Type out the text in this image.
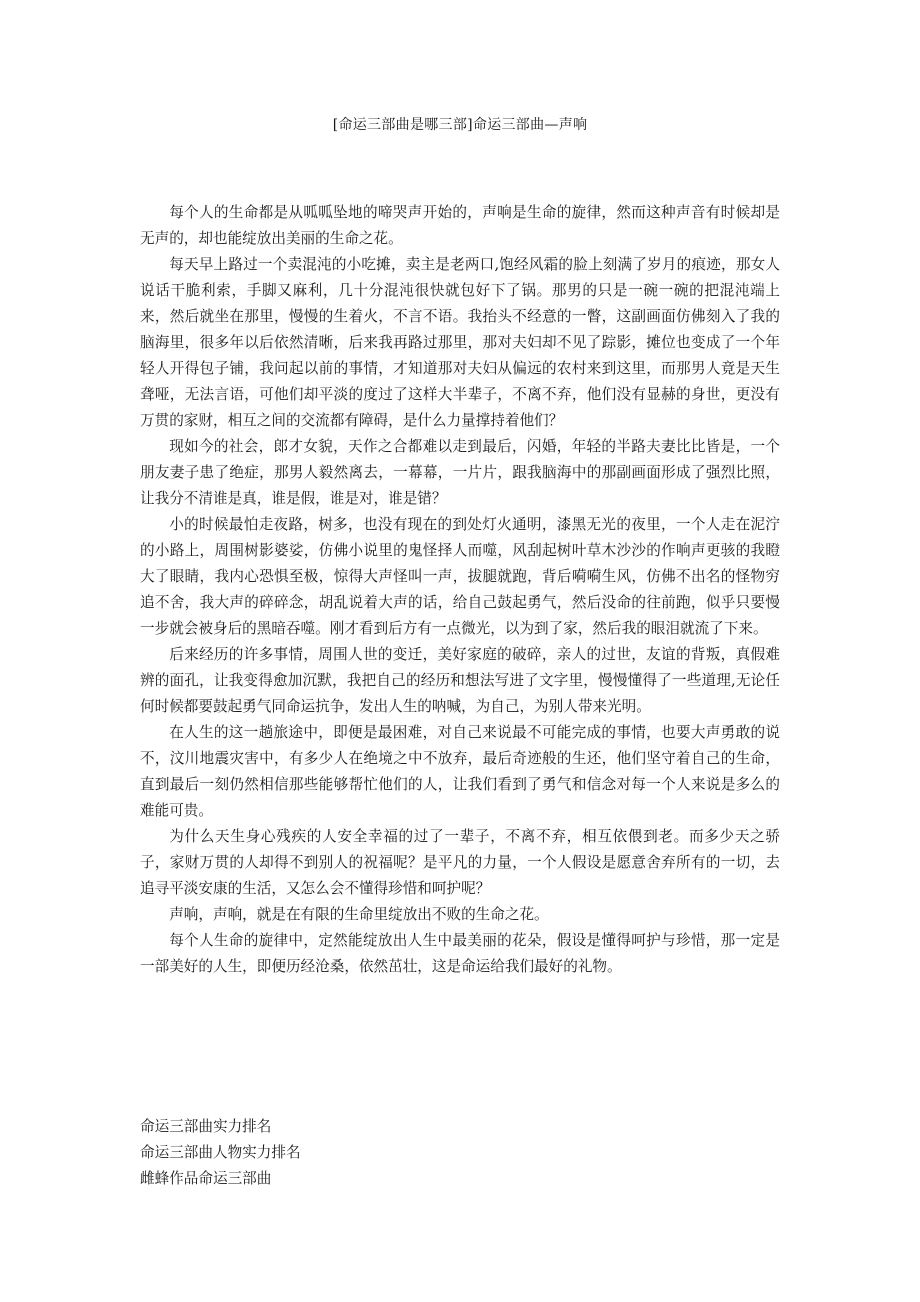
[命运三部曲是哪三部]命运三部曲—声响

每个人的生命都是从呱呱坠地的啼哭声开始的，声响是生命的旋律，然而这种声音有时候却是无声的，却也能绽放出美丽的生命之花。

每天早上路过一个卖混沌的小吃摊，卖主是老两口,饱经风霜的脸上刻满了岁月的痕迹，那女人说话干脆利索，手脚又麻利，几十分混沌很快就包好下了锅。那男的只是一碗一碗的把混沌端上来，然后就坐在那里，慢慢的生着火，不言不语。我抬头不经意的一瞥，这副画面仿佛刻入了我的脑海里，很多年以后依然清晰，后来我再路过那里，那对夫妇却不见了踪影，摊位也变成了一个年轻人开得包子铺，我问起以前的事情，才知道那对夫妇从偏远的农村来到这里，而那男人竟是天生聋哑，无法言语，可他们却平淡的度过了这样大半辈子，不离不弃，他们没有显赫的身世，更没有万贯的家财，相互之间的交流都有障碍，是什么力量撑持着他们？

现如今的社会，郎才女貌，天作之合都难以走到最后，闪婚，年轻的半路夫妻比比皆是，一个朋友妻子患了绝症，那男人毅然离去，一幕幕，一片片，跟我脑海中的那副画面形成了强烈比照，让我分不清谁是真，谁是假，谁是对，谁是错？

小的时候最怕走夜路，树多，也没有现在的到处灯火通明，漆黑无光的夜里，一个人走在泥泞的小路上，周围树影婆娑，仿佛小说里的鬼怪择人而噬，风刮起树叶草木沙沙的作响声更骇的我瞪大了眼睛，我内心恐惧至极，惊得大声怪叫一声，拔腿就跑，背后嗬嗬生风，仿佛不出名的怪物穷追不舍，我大声的碎碎念，胡乱说着大声的话，给自己鼓起勇气，然后没命的往前跑，似乎只要慢一步就会被身后的黑暗吞噬。刚才看到后方有一点微光，以为到了家，然后我的眼泪就流了下来。

后来经历的许多事情，周围人世的变迁，美好家庭的破碎，亲人的过世，友谊的背叛，真假难辨的面孔，让我变得愈加沉默，我把自己的经历和想法写进了文字里，慢慢懂得了一些道理,无论任何时候都要鼓起勇气同命运抗争，发出人生的呐喊，为自己，为别人带来光明。

在人生的这一趟旅途中，即便是最困难，对自己来说最不可能完成的事情，也要大声勇敢的说不，汶川地震灾害中，有多少人在绝境之中不放弃，最后奇迹般的生还，他们坚守着自己的生命，直到最后一刻仍然相信那些能够帮忙他们的人，让我们看到了勇气和信念对每一个人来说是多么的难能可贵。

为什么天生身心残疾的人安全幸福的过了一辈子，不离不弃，相互依偎到老。而多少天之骄子，家财万贯的人却得不到别人的祝福呢？是平凡的力量，一个人假设是愿意舍弃所有的一切，去追寻平淡安康的生活，又怎么会不懂得珍惜和呵护呢？

声响，声响，就是在有限的生命里绽放出不败的生命之花。

每个人生命的旋律中，定然能绽放出人生中最美丽的花朵，假设是懂得呵护与珍惜，那一定是一部美好的人生，即便历经沧桑，依然茁壮，这是命运给我们最好的礼物。

命运三部曲实力排名
命运三部曲人物实力排名
雌蜂作品命运三部曲
